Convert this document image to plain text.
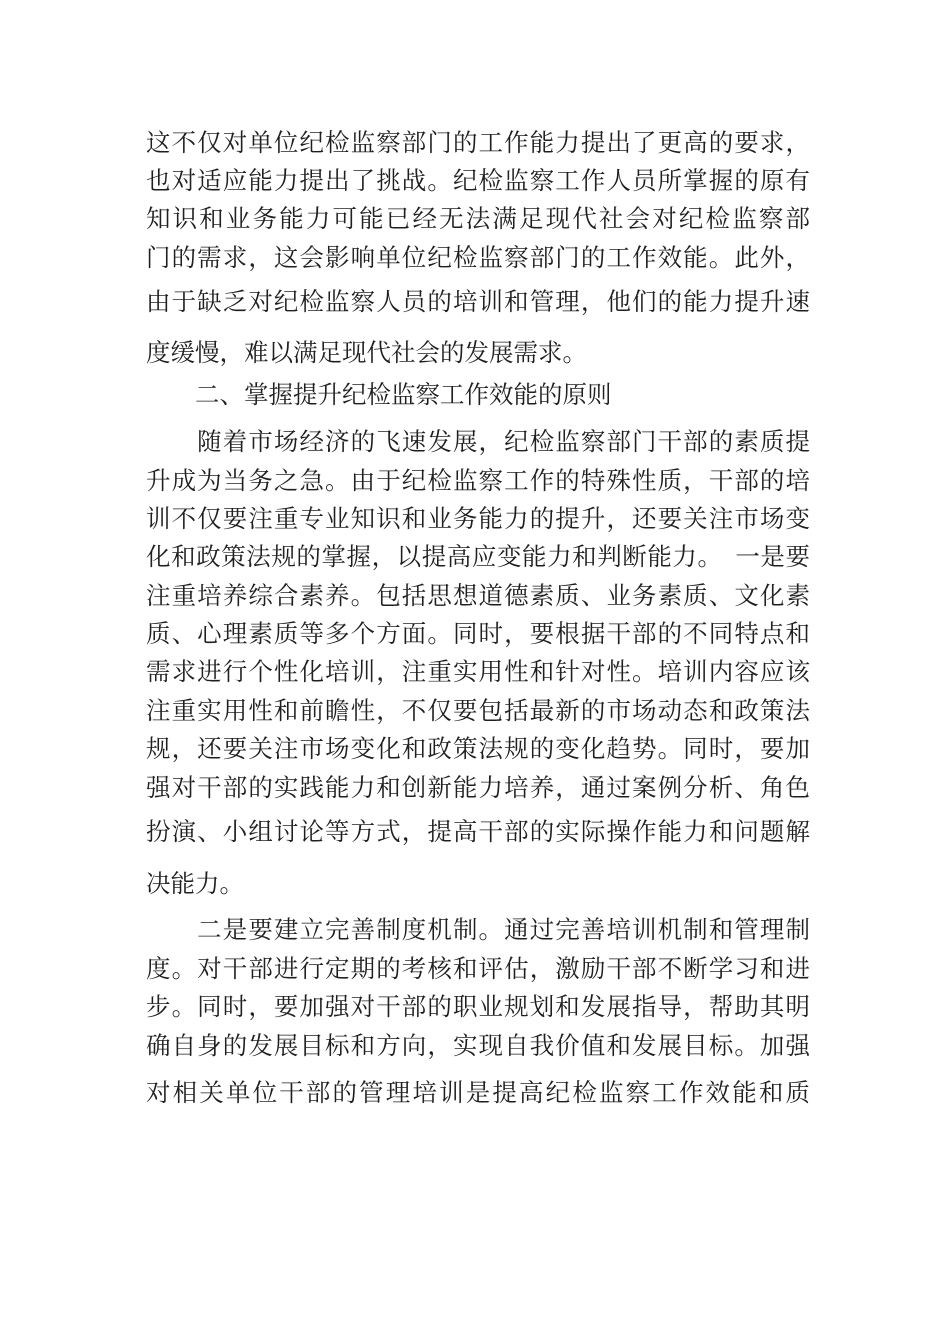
这不仅对单位纪检监察部门的工作能力提出了更高的要求，

也对适应能力提出了挑战。纪检监察工作人员所掌握的原有

知识和业务能力可能已经无法满足现代社会对纪检监察部

门的需求，这会影响单位纪检监察部门的工作效能。此外，

由于缺乏对纪检监察人员的培训和管理，他们的能力提升速

度缓慢，难以满足现代社会的发展需求。

　　二、掌握提升纪检监察工作效能的原则

　　随着市场经济的飞速发展，纪检监察部门干部的素质提

升成为当务之急。由于纪检监察工作的特殊性质，干部的培

训不仅要注重专业知识和业务能力的提升，还要关注市场变

化和政策法规的掌握，以提高应变能力和判断能力。　一是要

注重培养综合素养。包括思想道德素质、业务素质、文化素

质、心理素质等多个方面。同时，要根据干部的不同特点和

需求进行个性化培训，注重实用性和针对性。培训内容应该

注重实用性和前瞻性，不仅要包括最新的市场动态和政策法

规，还要关注市场变化和政策法规的变化趋势。同时，要加

强对干部的实践能力和创新能力培养，通过案例分析、角色

扮演、小组讨论等方式，提高干部的实际操作能力和问题解

决能力。

　　二是要建立完善制度机制。通过完善培训机制和管理制

度。对干部进行定期的考核和评估，激励干部不断学习和进

步。同时，要加强对干部的职业规划和发展指导，帮助其明

确自身的发展目标和方向，实现自我价值和发展目标。加强

对相关单位干部的管理培训是提高纪检监察工作效能和质
